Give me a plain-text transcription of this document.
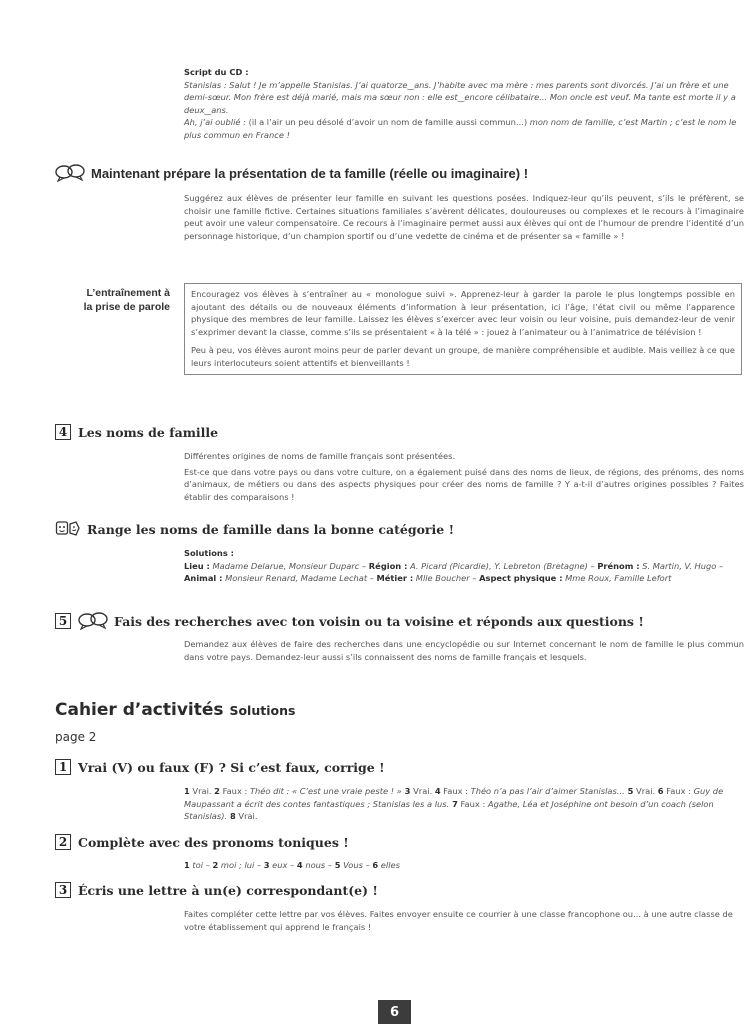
Script du CD :
Stanislas : Salut ! Je m’appelle Stanislas. J’ai quatorze‿ans. J’habite avec ma mère : mes parents sont divorcés. J’ai un frère et une demi-sœur. Mon frère est déjà marié, mais ma sœur non : elle est‿encore célibataire... Mon oncle est veuf. Ma tante est morte il y a deux‿ans.
Ah, j’ai oublié : (il a l’air un peu désolé d’avoir un nom de famille aussi commun...) mon nom de famille, c’est Martin ; c’est le nom le plus commun en France !
Maintenant prépare la présentation de ta famille (réelle ou imaginaire) !
Suggérez aux élèves de présenter leur famille en suivant les questions posées. Indiquez-leur qu’ils peuvent, s’ils le préfèrent, se choisir une famille fictive. Certaines situations familiales s’avèrent délicates, douloureuses ou complexes et le recours à l’imaginaire peut avoir une valeur compensatoire. Ce recours à l’imaginaire permet aussi aux élèves qui ont de l’humour de prendre l’identité d’un personnage historique, d’un champion sportif ou d’une vedette de cinéma et de présenter sa « famille » !
L’entraînement à
la prise de parole
Encouragez vos élèves à s’entraîner au « monologue suivi ». Apprenez-leur à garder la parole le plus longtemps possible en ajoutant des détails ou de nouveaux éléments d’information à leur présentation, ici l’âge, l’état civil ou même l’apparence physique des membres de leur famille. Laissez les élèves s’exercer avec leur voisin ou leur voisine, puis demandez-leur de venir s’exprimer devant la classe, comme s’ils se présentaient « à la télé » : jouez à l’animateur ou à l’animatrice de télévision !
Peu à peu, vos élèves auront moins peur de parler devant un groupe, de manière compréhensible et audible. Mais veillez à ce que leurs interlocuteurs soient attentifs et bienveillants !
4 Les noms de famille
Différentes origines de noms de famille français sont présentées.
Est-ce que dans votre pays ou dans votre culture, on a également puisé dans des noms de lieux, de régions, des prénoms, des noms d’animaux, de métiers ou dans des aspects physiques pour créer des noms de famille ? Y a-t-il d’autres origines possibles ? Faites établir des comparaisons !
Range les noms de famille dans la bonne catégorie !
Solutions :
Lieu : Madame Delarue, Monsieur Duparc – Région : A. Picard (Picardie), Y. Lebreton (Bretagne) – Prénom : S. Martin, V. Hugo – Animal : Monsieur Renard, Madame Lechat – Métier : Mlle Boucher – Aspect physique : Mme Roux, Famille Lefort
5	Fais des recherches avec ton voisin ou ta voisine et réponds aux questions !
Demandez aux élèves de faire des recherches dans une encyclopédie ou sur Internet concernant le nom de famille le plus commun dans votre pays. Demandez-leur aussi s’ils connaissent des noms de famille français et lesquels.
Cahier d’activités Solutions
page 2
1 Vrai (V) ou faux (F) ? Si c’est faux, corrige !
1 Vrai. 2 Faux : Théo dit : « C’est une vraie peste ! » 3 Vrai. 4 Faux : Théo n’a pas l’air d’aimer Stanislas... 5 Vrai. 6 Faux : Guy de Maupassant a écrit des contes fantastiques ; Stanislas les a lus. 7 Faux : Agathe, Léa et Joséphine ont besoin d’un coach (selon Stanislas). 8 Vrai.
2 Complète avec des pronoms toniques !
1 toi – 2 moi ; lui – 3 eux – 4 nous – 5 Vous – 6 elles
3 Écris une lettre à un(e) correspondant(e) !
Faites compléter cette lettre par vos élèves. Faites envoyer ensuite ce courrier à une classe francophone ou... à une autre classe de votre établissement qui apprend le français !
6
